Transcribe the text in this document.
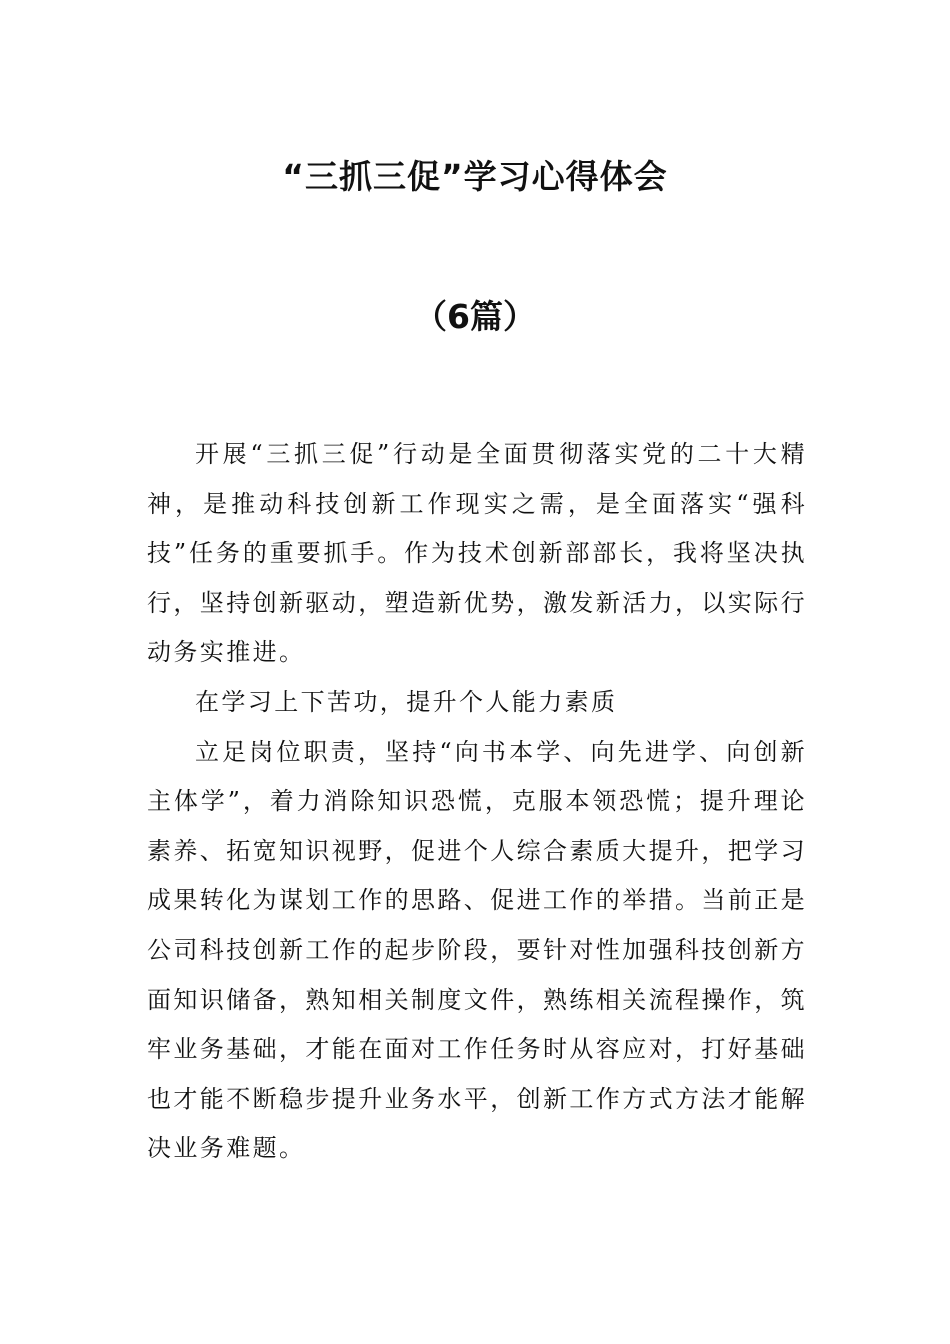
“三抓三促”学习心得体会
（6篇）

开展“三抓三促”行动是全面贯彻落实党的二十大精神，是推动科技创新工作现实之需，是全面落实“强科技”任务的重要抓手。作为技术创新部部长，我将坚决执行，坚持创新驱动，塑造新优势，激发新活力，以实际行动务实推进。

在学习上下苦功，提升个人能力素质

立足岗位职责，坚持“向书本学、向先进学、向创新主体学”，着力消除知识恐慌，克服本领恐慌；提升理论素养、拓宽知识视野，促进个人综合素质大提升，把学习成果转化为谋划工作的思路、促进工作的举措。当前正是公司科技创新工作的起步阶段，要针对性加强科技创新方面知识储备，熟知相关制度文件，熟练相关流程操作，筑牢业务基础，才能在面对工作任务时从容应对，打好基础也才能不断稳步提升业务水平，创新工作方式方法才能解决业务难题。
